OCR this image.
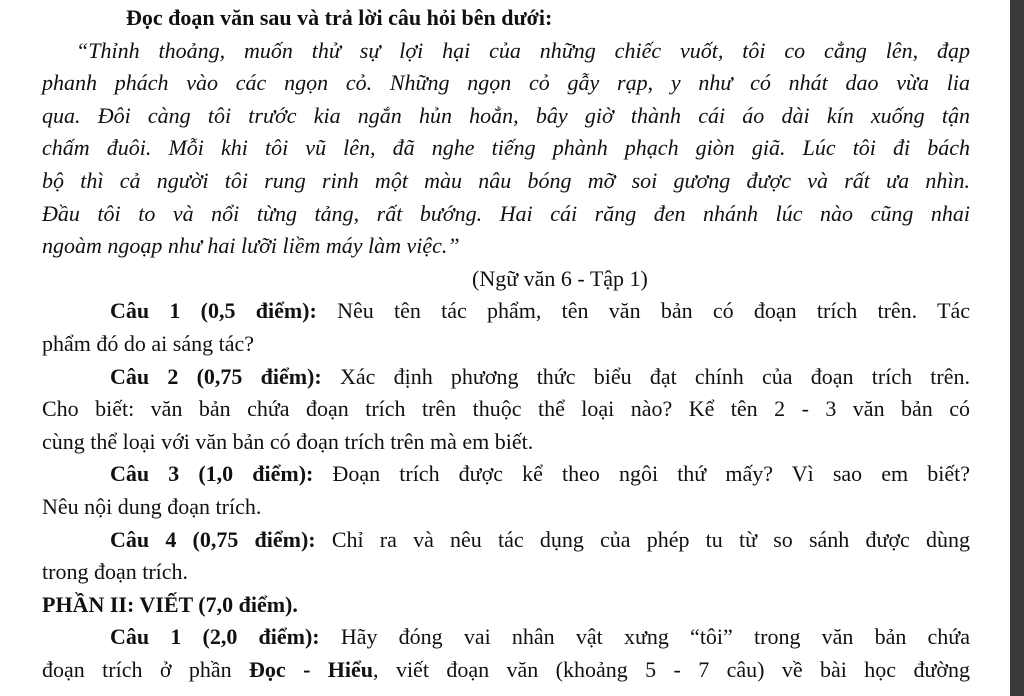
Đọc đoạn văn sau và trả lời câu hỏi bên dưới:
“Thỉnh thoảng, muốn thử sự lợi hại của những chiếc vuốt, tôi co cẳng lên, đạp
phanh phách vào các ngọn cỏ. Những ngọn cỏ gẫy rạp, y như có nhát dao vừa lia
qua. Đôi càng tôi trước kia ngắn hủn hoẳn, bây giờ thành cái áo dài kín xuống tận
chấm đuôi. Mỗi khi tôi vũ lên, đã nghe tiếng phành phạch giòn giã. Lúc tôi đi bách
bộ thì cả người tôi rung rinh một màu nâu bóng mỡ soi gương được và rất ưa nhìn.
Đầu tôi to và nổi từng tảng, rất bướng. Hai cái răng đen nhánh lúc nào cũng nhai
ngoàm ngoạp như hai lưỡi liềm máy làm việc.”
(Ngữ văn 6 - Tập 1)
Câu 1 (0,5 điểm): Nêu tên tác phẩm, tên văn bản có đoạn trích trên. Tác
phẩm đó do ai sáng tác?
Câu 2 (0,75 điểm): Xác định phương thức biểu đạt chính của đoạn trích trên.
Cho biết: văn bản chứa đoạn trích trên thuộc thể loại nào? Kể tên 2 - 3 văn bản có
cùng thể loại với văn bản có đoạn trích trên mà em biết.
Câu 3 (1,0 điểm): Đoạn trích được kể theo ngôi thứ mấy? Vì sao em biết?
Nêu nội dung đoạn trích.
Câu 4 (0,75 điểm): Chỉ ra và nêu tác dụng của phép tu từ so sánh được dùng
trong đoạn trích.
PHẦN II: VIẾT (7,0 điểm).
Câu 1 (2,0 điểm): Hãy đóng vai nhân vật xưng “tôi” trong văn bản chứa
đoạn trích ở phần Đọc - Hiểu, viết đoạn văn (khoảng 5 - 7 câu) về bài học đường
